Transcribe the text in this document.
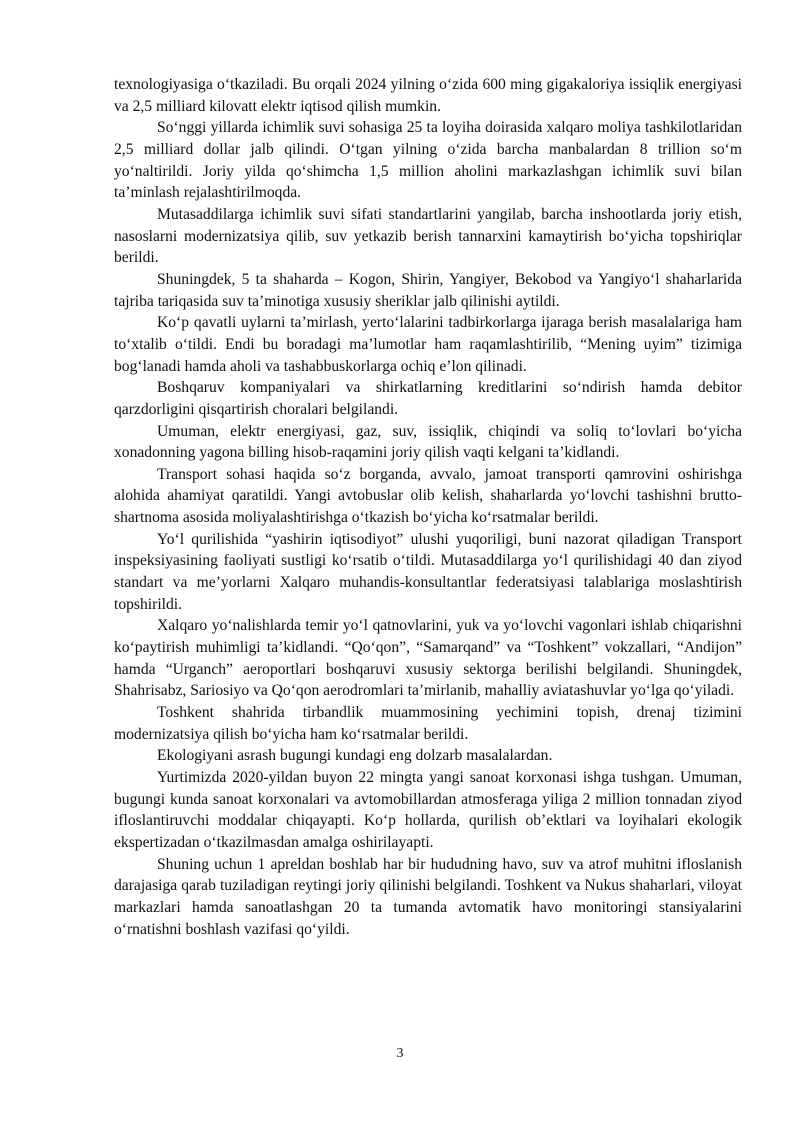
texnologiyasiga o‘tkaziladi. Bu orqali 2024 yilning o‘zida 600 ming gigakaloriya issiqlik energiyasi va 2,5 milliard kilovatt elektr iqtisod qilish mumkin.

So‘nggi yillarda ichimlik suvi sohasiga 25 ta loyiha doirasida xalqaro moliya tashkilotlaridan 2,5 milliard dollar jalb qilindi. O‘tgan yilning o‘zida barcha manbalardan 8 trillion so‘m yo‘naltirildi. Joriy yilda qo‘shimcha 1,5 million aholini markazlashgan ichimlik suvi bilan ta’minlash rejalashtirilmoqda.

Mutasaddilarga ichimlik suvi sifati standartlarini yangilab, barcha inshootlarda joriy etish, nasoslarni modernizatsiya qilib, suv yetkazib berish tannarxini kamaytirish bo‘yicha topshiriqlar berildi.

Shuningdek, 5 ta shaharda – Kogon, Shirin, Yangiyer, Bekobod va Yangiyo‘l shaharlarida tajriba tariqasida suv ta’minotiga xususiy sheriklar jalb qilinishi aytildi.

Ko‘p qavatli uylarni ta’mirlash, yerto‘lalarini tadbirkorlarga ijaraga berish masalalariga ham to‘xtalib o‘tildi. Endi bu boradagi ma’lumotlar ham raqamlashtirilib, “Mening uyim” tizimiga bog‘lanadi hamda aholi va tashabbuskorlarga ochiq e’lon qilinadi.

Boshqaruv kompaniyalari va shirkatlarning kreditlarini so‘ndirish hamda debitor qarzdorligini qisqartirish choralari belgilandi.

Umuman, elektr energiyasi, gaz, suv, issiqlik, chiqindi va soliq to‘lovlari bo‘yicha xonadonning yagona billing hisob-raqamini joriy qilish vaqti kelgani ta’kidlandi.

Transport sohasi haqida so‘z borganda, avvalo, jamoat transporti qamrovini oshirishga alohida ahamiyat qaratildi. Yangi avtobuslar olib kelish, shaharlarda yo‘lovchi tashishni brutto-shartnoma asosida moliyalashtirishga o‘tkazish bo‘yicha ko‘rsatmalar berildi.

Yo‘l qurilishida “yashirin iqtisodiyot” ulushi yuqoriligi, buni nazorat qiladigan Transport inspeksiyasining faoliyati sustligi ko‘rsatib o‘tildi. Mutasaddilarga yo‘l qurilishidagi 40 dan ziyod standart va me’yorlarni Xalqaro muhandis-konsultantlar federatsiyasi talablariga moslashtirish topshirildi.

Xalqaro yo‘nalishlarda temir yo‘l qatnovlarini, yuk va yo‘lovchi vagonlari ishlab chiqarishni ko‘paytirish muhimligi ta’kidlandi. “Qo‘qon”, “Samarqand” va “Toshkent” vokzallari, “Andijon” hamda “Urganch” aeroportlari boshqaruvi xususiy sektorga berilishi belgilandi. Shuningdek, Shahrisabz, Sariosiyo va Qo‘qon aerodromlari ta’mirlanib, mahalliy aviatashuvlar yo‘lga qo‘yiladi.

Toshkent shahrida tirbandlik muammosining yechimini topish, drenaj tizimini modernizatsiya qilish bo‘yicha ham ko‘rsatmalar berildi.

Ekologiyani asrash bugungi kundagi eng dolzarb masalalardan.

Yurtimizda 2020-yildan buyon 22 mingta yangi sanoat korxonasi ishga tushgan. Umuman, bugungi kunda sanoat korxonalari va avtomobillardan atmosferaga yiliga 2 million tonnadan ziyod ifloslantiruvchi moddalar chiqayapti. Ko‘p hollarda, qurilish ob’ektlari va loyihalari ekologik ekspertizadan o‘tkazilmasdan amalga oshirilayapti.

Shuning uchun 1 apreldan boshlab har bir hududning havo, suv va atrof muhitni ifloslanish darajasiga qarab tuziladigan reytingi joriy qilinishi belgilandi. Toshkent va Nukus shaharlari, viloyat markazlari hamda sanoatlashgan 20 ta tumanda avtomatik havo monitoringi stansiyalarini o‘rnatishni boshlash vazifasi qo‘yildi.

3
